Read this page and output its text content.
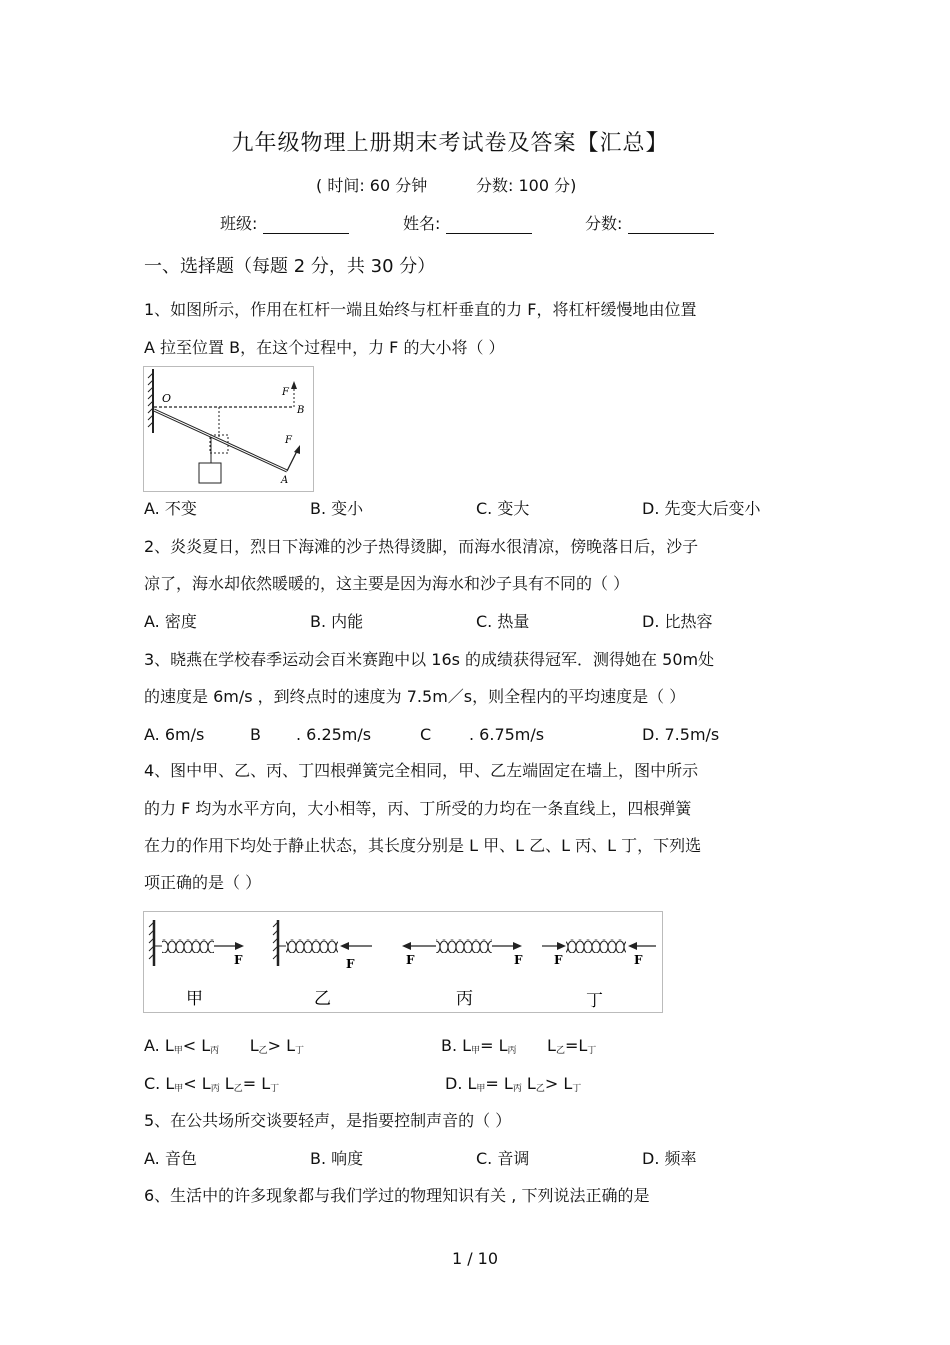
九年级物理上册期末考试卷及答案【汇总】
( 时间: 60 分钟	分数: 100 分)
班级:	姓名:	分数:
一、选择题（每题 2 分，共 30 分）
1、如图所示，作用在杠杆一端且始终与杠杆垂直的力 F，将杠杆缓慢地由位置
A 拉至位置 B，在这个过程中，力 F 的大小将（ ）
O
B
A
F
F
A. 不变	B. 变小	C. 变大	D. 先变大后变小
2、炎炎夏日，烈日下海滩的沙子热得烫脚，而海水很清凉，傍晚落日后，沙子
凉了，海水却依然暖暖的，这主要是因为海水和沙子具有不同的（ ）
A. 密度	B. 内能	C. 热量	D. 比热容
3、晓燕在学校春季运动会百米赛跑中以 16s 的成绩获得冠军．测得她在 50m处
的速度是 6m/s ，到终点时的速度为 7.5m／s，则全程内的平均速度是（ ）
A. 6m/s	B . 6.25m/s	C . 6.75m/s	D. 7.5m/s
4、图中甲、乙、丙、丁四根弹簧完全相同，甲、乙左端固定在墙上，图中所示
的力 F 均为水平方向，大小相等，丙、丁所受的力均在一条直线上，四根弹簧
在力的作用下均处于静止状态，其长度分别是 L 甲、L 乙、L 丙、L 丁，下列选
项正确的是（ ）
F	F	F	F	F	F
甲	乙	丙	丁
A. $L_甲< L_丙$      $L_乙> L_丁$	B. $L_甲= L_丙$      $L_乙=L_丁$
C. $L_甲< L_丙$ $L_乙= L_丁$	D. $L_甲= L_丙$ $L_乙> L_丁$
5、在公共场所交谈要轻声，是指要控制声音的（ ）
A. 音色	B. 响度	C. 音调	D. 频率
6、生活中的许多现象都与我们学过的物理知识有关 , 下列说法正确的是
1 / 10
